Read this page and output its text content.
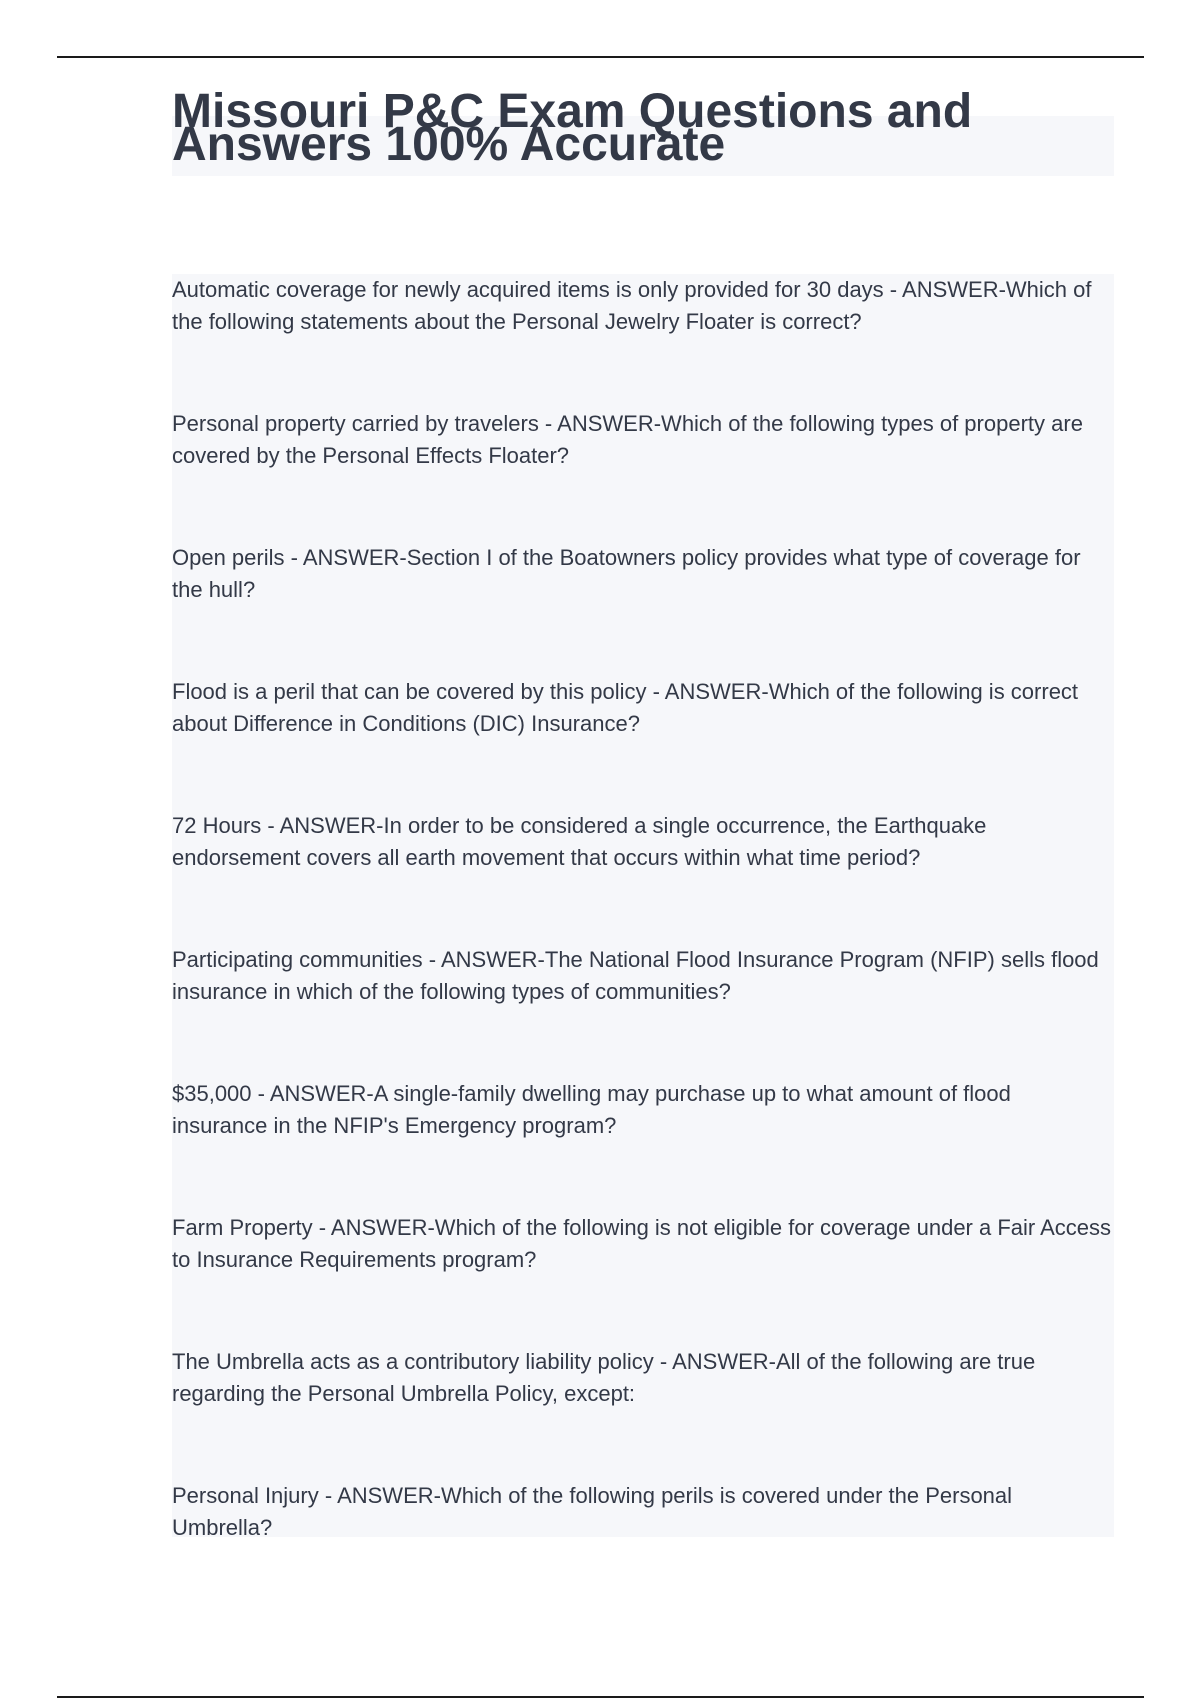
Missouri P&C Exam Questions and Answers 100% Accurate
Automatic coverage for newly acquired items is only provided for 30 days - ANSWER-Which of the following statements about the Personal Jewelry Floater is correct?
Personal property carried by travelers - ANSWER-Which of the following types of property are covered by the Personal Effects Floater?
Open perils - ANSWER-Section I of the Boatowners policy provides what type of coverage for the hull?
Flood is a peril that can be covered by this policy - ANSWER-Which of the following is correct about Difference in Conditions (DIC) Insurance?
72 Hours - ANSWER-In order to be considered a single occurrence, the Earthquake endorsement covers all earth movement that occurs within what time period?
Participating communities - ANSWER-The National Flood Insurance Program (NFIP) sells flood insurance in which of the following types of communities?
$35,000 - ANSWER-A single-family dwelling may purchase up to what amount of flood insurance in the NFIP's Emergency program?
Farm Property - ANSWER-Which of the following is not eligible for coverage under a Fair Access to Insurance Requirements program?
The Umbrella acts as a contributory liability policy - ANSWER-All of the following are true regarding the Personal Umbrella Policy, except:
Personal Injury - ANSWER-Which of the following perils is covered under the Personal Umbrella?
